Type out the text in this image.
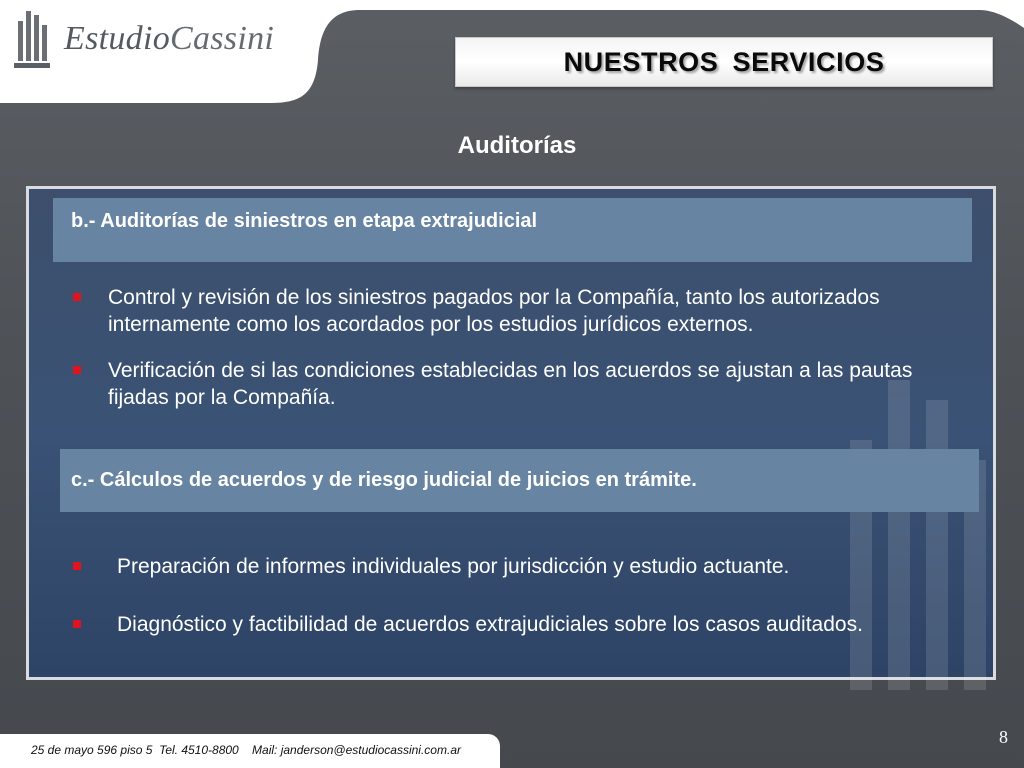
EstudioCassini
NUESTROS SERVICIOS
Auditorías
b.- Auditorías de siniestros en etapa extrajudicial
Control y revisión de los siniestros pagados por la Compañía, tanto los autorizados internamente como los acordados por los estudios jurídicos externos.
Verificación de si las condiciones establecidas en los acuerdos se ajustan a las pautas fijadas por la Compañía.
c.- Cálculos de acuerdos y de riesgo judicial de juicios en trámite.
Preparación de informes individuales por jurisdicción y estudio actuante.
Diagnóstico y factibilidad de acuerdos extrajudiciales sobre los casos auditados.
25 de mayo 596 piso 5  Tel. 4510-8800    Mail: janderson@estudiocassini.com.ar
8
